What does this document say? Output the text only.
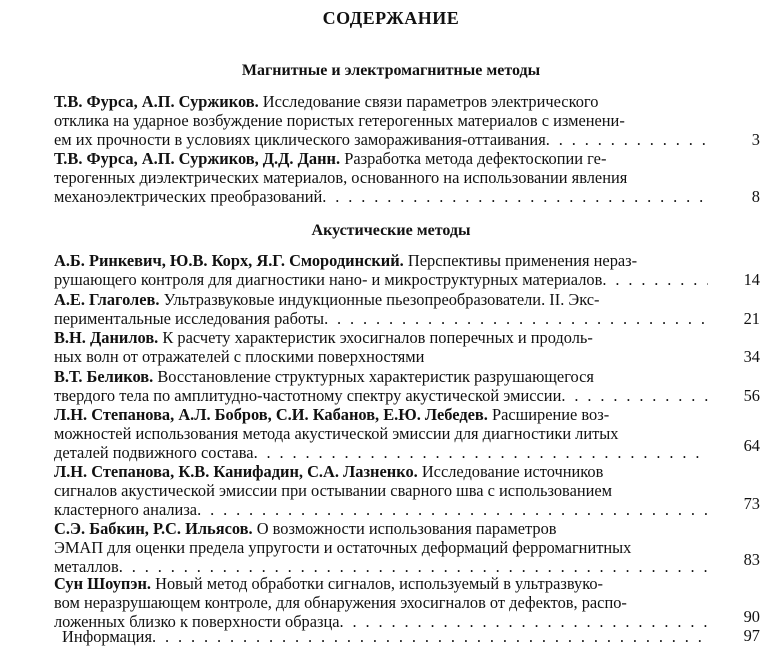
СОДЕРЖАНИЕ
Магнитные и электромагнитные методы
Т.В. Фурса, А.П. Суржиков. Исследование связи параметров электрического
отклика на ударное возбуждение пористых гетерогенных материалов с изменени-
ем их прочности в условиях циклического замораживания-оттаивания . . .	3
Т.В. Фурса, А.П. Суржиков, Д.Д. Данн. Разработка метода дефектоскопии ге-
терогенных диэлектрических материалов, основанного на использовании явления
механоэлектрических преобразований . . .	8
Акустические методы
А.Б. Ринкевич, Ю.В. Корх, Я.Г. Смородинский. Перспективы применения нераз-
рушающего контроля для диагностики нано- и микроструктурных материалов . . .	14
А.Е. Глаголев. Ультразвуковые индукционные пьезопреобразователи. II. Экс-
периментальные исследования работы . . .	21
В.Н. Данилов. К расчету характеристик эхосигналов поперечных и продоль-
ных волн от отражателей с плоскими поверхностями	34
В.Т. Беликов. Восстановление структурных характеристик разрушающегося
твердого тела по амплитудно-частотному спектру акустической эмиссии . . .	56
Л.Н. Степанова, А.Л. Бобров, С.И. Кабанов, Е.Ю. Лебедев. Расширение воз-
можностей использования метода акустической эмиссии для диагностики литых
деталей подвижного состава . . .	64
Л.Н. Степанова, К.В. Канифадин, С.А. Лазненко. Исследование источников
сигналов акустической эмиссии при остывании сварного шва с использованием
кластерного анализа . . .	73
С.Э. Бабкин, Р.С. Ильясов. О возможности использования параметров
ЭМАП для оценки предела упругости и остаточных деформаций ферромагнитных
металлов . . .	83
Сун Шоупэн. Новый метод обработки сигналов, используемый в ультразвуко-
вом неразрушающем контроле, для обнаружения эхосигналов от дефектов, распо-
ложенных близко к поверхности образца . . .	90
Информация . . .	97
